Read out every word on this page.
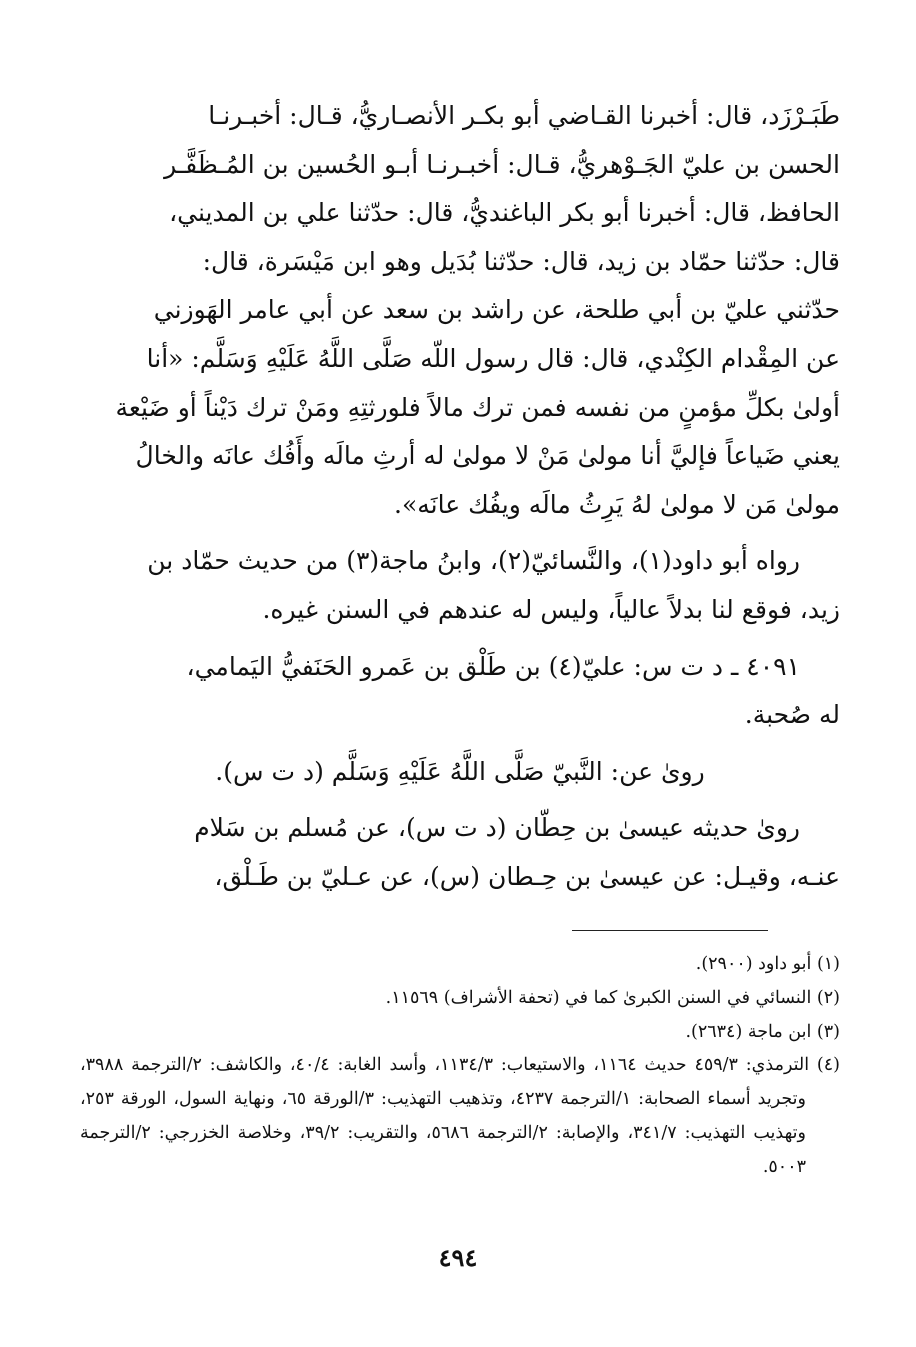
طَبَـرْزَد، قال: أخبرنا القـاضي أبو بكـر الأنصـاريُّ، قـال: أخبـرنـا

الحسن بن عليّ الجَـوْهريُّ، قـال: أخبـرنـا أبـو الحُسين بن المُـظَفَّـر

الحافظ، قال: أخبرنا أبو بكر الباغنديُّ، قال: حدّثنا علي بن المديني،

قال: حدّثنا حمّاد بن زيد، قال: حدّثنا بُدَيل وهو ابن مَيْسَرة، قال:

حدّثني عليّ بن أبي طلحة، عن راشد بن سعد عن أبي عامر الهَوزني

عن المِقْدام الكِنْدي، قال: قال رسول اللّه صَلَّى اللَّهُ عَلَيْهِ وَسَلَّم: «أنا

أولىٰ بكلِّ مؤمنٍ من نفسه فمن ترك مالاً فلورثتِهِ ومَنْ ترك دَيْناً أو ضَيْعة

يعني ضَياعاً فإليَّ أنا مولىٰ مَنْ لا مولىٰ له أرثِ مالَه وأَفُك عانَه والخالُ

مولىٰ مَن لا مولىٰ لهُ يَرِثُ مالَه ويفُك عانَه».

رواه أبو داود(١)، والنَّسائيّ(٢)، وابنُ ماجة(٣) من حديث حمّاد بن

زيد، فوقع لنا بدلاً عالياً، وليس له عندهم في السنن غيره.

٤٠٩١ ـ د ت س: عليّ(٤) بن طَلْق بن عَمرو الحَنَفيُّ اليَمامي،

له صُحبة.

روىٰ عن: النَّبيّ صَلَّى اللَّهُ عَلَيْهِ وَسَلَّم (د ت س).

روىٰ حديثه عيسىٰ بن حِطّان (د ت س)، عن مُسلم بن سَلام

عنـه، وقيـل: عن عيسىٰ بن حِـطان (س)، عن عـليّ بن طَـلْق،

(١) أبو داود (٢٩٠٠).

(٢) النسائي في السنن الكبرىٰ كما في (تحفة الأشراف) ١١٥٦٩.

(٣) ابن ماجة (٢٦٣٤).

(٤) الترمذي: ٤٥٩/٣ حديث ١١٦٤، والاستيعاب: ١١٣٤/٣، وأسد الغابة: ٤٠/٤، والكاشف: ٢/الترجمة ٣٩٨٨، وتجريد أسماء الصحابة: ١/الترجمة ٤٢٣٧، وتذهيب التهذيب: ٣/الورقة ٦٥، ونهاية السول، الورقة ٢٥٣، وتهذيب التهذيب: ٣٤١/٧، والإصابة: ٢/الترجمة ٥٦٨٦، والتقريب: ٣٩/٢، وخلاصة الخزرجي: ٢/الترجمة ٥٠٠٣.

٤٩٤
